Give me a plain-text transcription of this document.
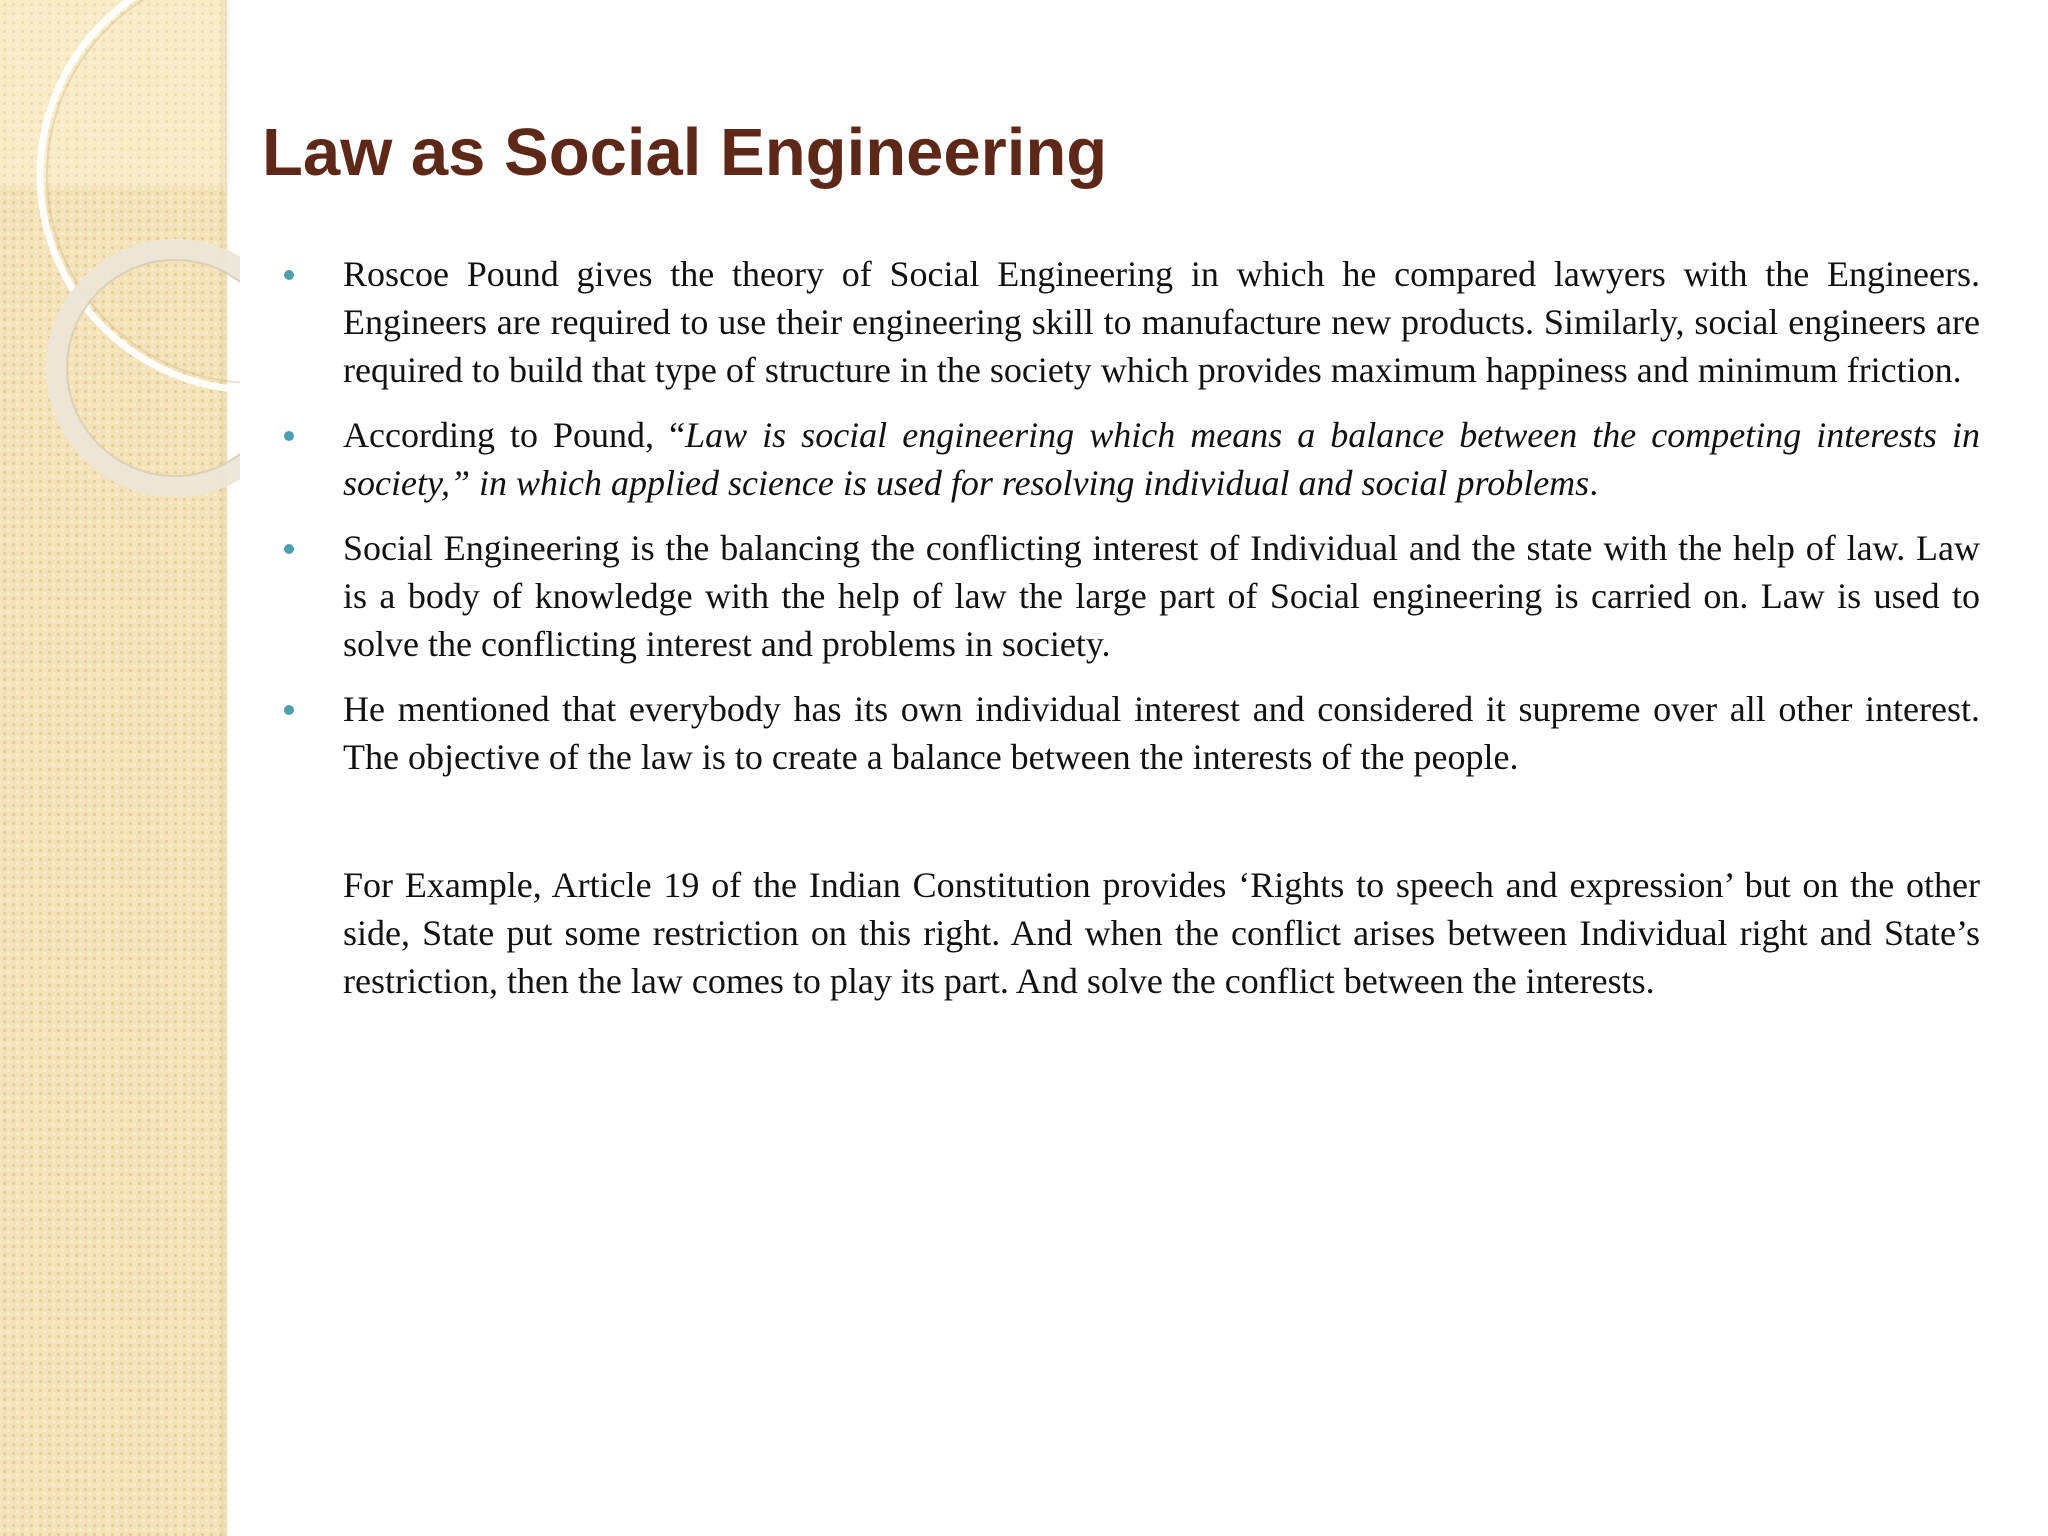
Law as Social Engineering
Roscoe Pound gives the theory of Social Engineering in which he compared lawyers with the Engineers. Engineers are required to use their engineering skill to manufacture new products. Similarly, social engineers are required to build that type of structure in the society which provides maximum happiness and minimum friction.
According to Pound, “Law is social engineering which means a balance between the competing interests in society,” in which applied science is used for resolving individual and social problems.
Social Engineering is the balancing the conflicting interest of Individual and the state with the help of law. Law is a body of knowledge with the help of law the large part of Social engineering is carried on. Law is used to solve the conflicting interest and problems in society.
He mentioned that everybody has its own individual interest and considered it supreme over all other interest. The objective of the law is to create a balance between the interests of the people.

For Example, Article 19 of the Indian Constitution provides ‘Rights to speech and expression’ but on the other side, State put some restriction on this right. And when the conflict arises between Individual right and State’s restriction, then the law comes to play its part. And solve the conflict between the interests.
